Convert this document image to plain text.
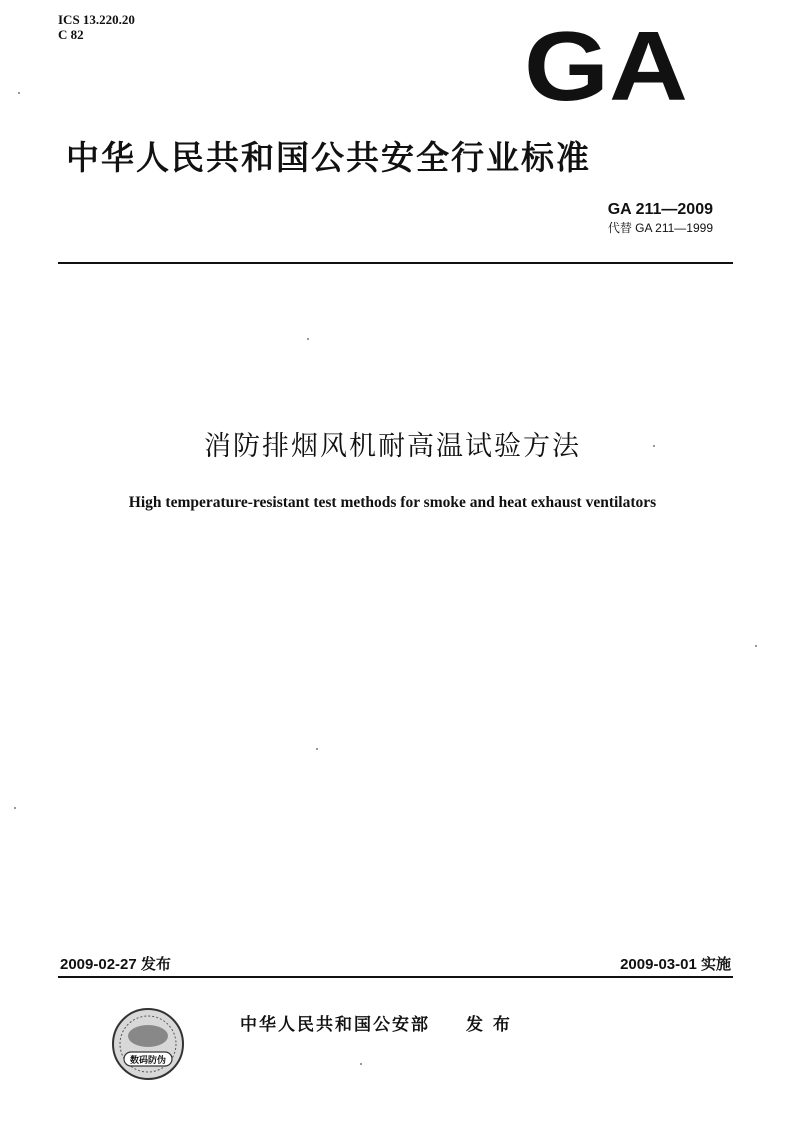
ICS 13.220.20
C 82	GA
中华人民共和国公共安全行业标准
GA 211—2009
代替 GA 211—1999
消防排烟风机耐高温试验方法
High temperature-resistant test methods for smoke and heat exhaust ventilators
2009-02-27 发布	2009-03-01 实施
数码防伪
中华人民共和国公安部 发 布
